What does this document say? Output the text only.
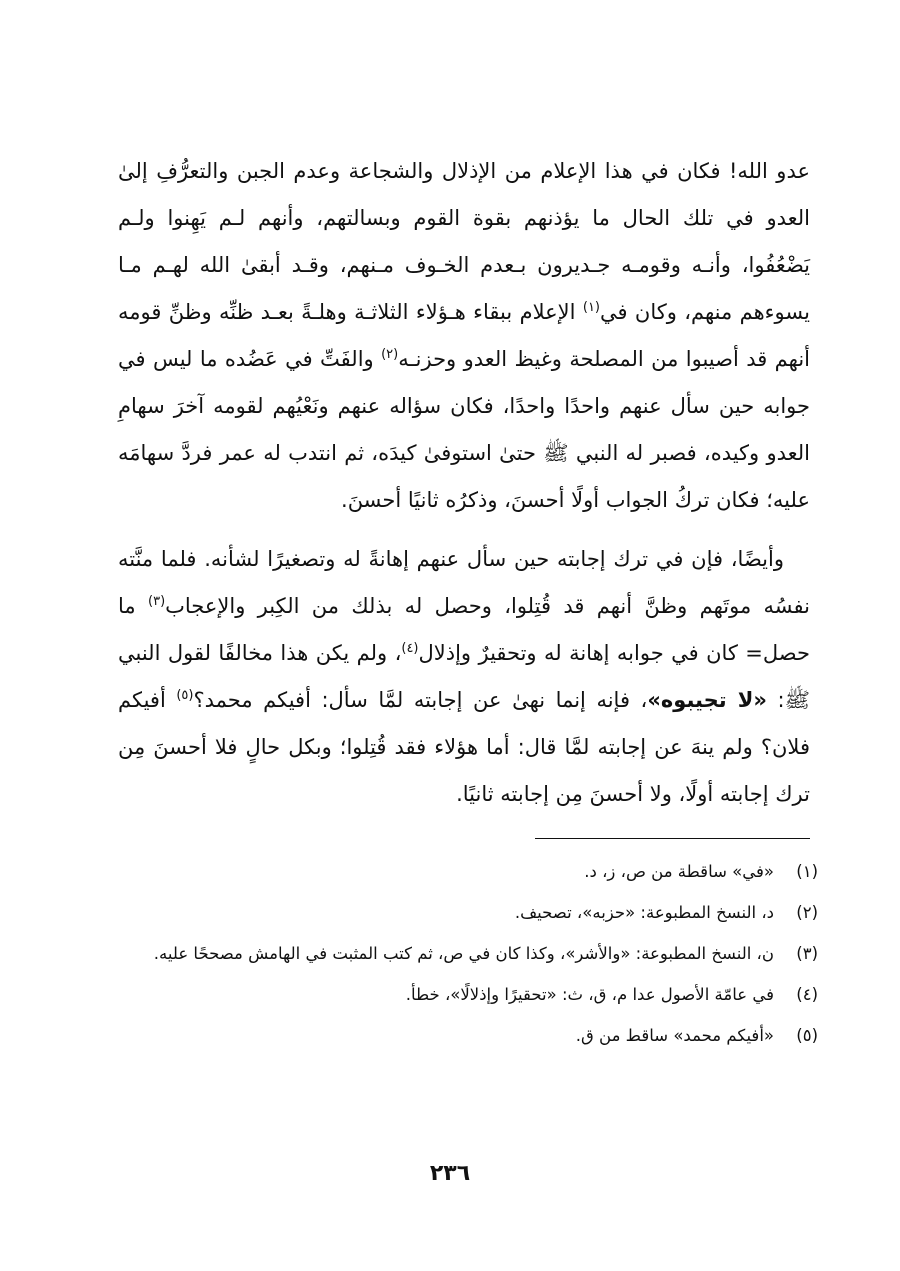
عدو الله! فكان في هذا الإعلام من الإذلال والشجاعة وعدم الجبن والتعرُّفِ إلىٰ العدو في تلك الحال ما يؤذنهم بقوة القوم وبسالتهم، وأنهم لـم يَهِنوا ولـم يَضْعُفُوا، وأنـه وقومـه جـديرون بـعدم الخـوف مـنهم، وقـد أبقىٰ الله لهـم مـا يسوءهم منهم، وكان في$^{(١)}$ الإعلام ببقاء هـؤلاء الثلاثـة وهلـةً بعـد ظنِّه وظنِّ قومه أنهم قد أصيبوا من المصلحة وغيظ العدو وحزنـه$^{(٢)}$ والفَتِّ في عَضُده ما ليس في جوابه حين سأل عنهم واحدًا واحدًا، فكان سؤاله عنهم ونَعْيُهم لقومه آخرَ سهامِ العدو وكيده، فصبر له النبي ﷺ حتىٰ استوفىٰ كيدَه، ثم انتدب له عمر فردَّ سهامَه عليه؛ فكان تركُ الجواب أولًا أحسنَ، وذكرُه ثانيًا أحسنَ.

وأيضًا، فإن في ترك إجابته حين سأل عنهم إهانةً له وتصغيرًا لشأنه. فلما منَّته نفسُه موتَهم وظنَّ أنهم قد قُتِلوا، وحصل له بذلك من الكِبر والإعجاب$^{(٣)}$ ما حصل= كان في جوابه إهانة له وتحقيرٌ وإذلال$^{(٤)}$، ولم يكن هذا مخالفًا لقول النبي ﷺ: «لا تجيبوه»، فإنه إنما نهىٰ عن إجابته لمَّا سأل: أفيكم محمد؟$^{(٥)}$ أفيكم فلان؟ ولم ينهَ عن إجابته لمَّا قال: أما هؤلاء فقد قُتِلوا؛ وبكل حالٍ فلا أحسنَ مِن ترك إجابته أولًا، ولا أحسنَ مِن إجابته ثانيًا.

(١)
«في» ساقطة من ص، ز، د.
(٢)
د، النسخ المطبوعة: «حزبه»، تصحيف.
(٣)
ن، النسخ المطبوعة: «والأشر»، وكذا كان في ص، ثم كتب المثبت في الهامش مصححًا عليه.
(٤)
في عامّة الأصول عدا م، ق، ث: «تحقيرًا وإذلالًا»، خطأ.
(٥)
«أفيكم محمد» ساقط من ق.
٢٣٦
